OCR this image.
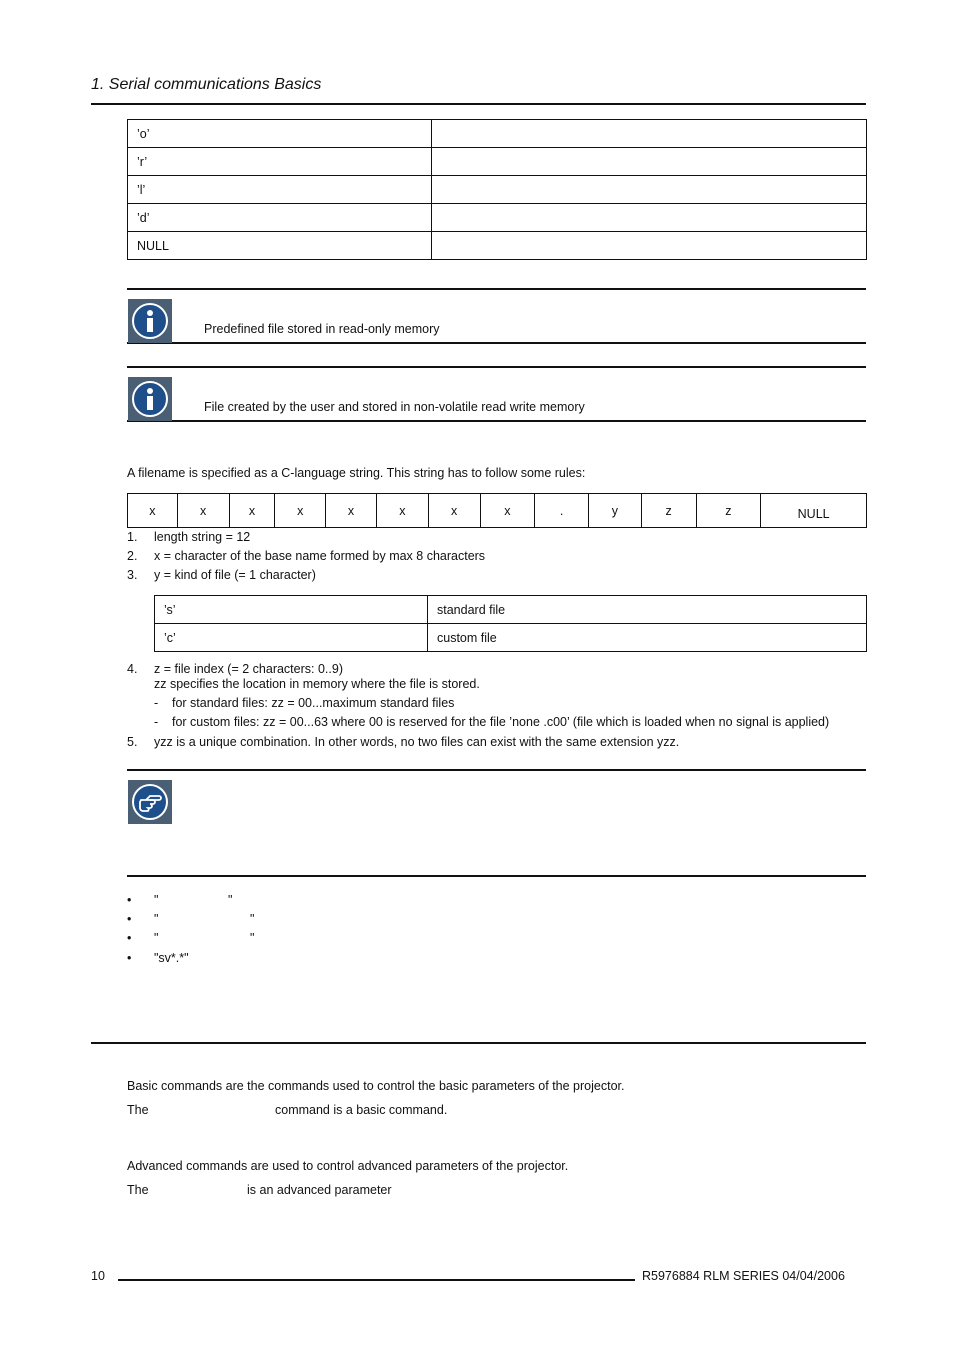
1. Serial communications Basics
’o’	
’r’	
’l’	
’d’	
NULL	
Predefined file stored in read-only memory
File created by the user and stored in non-volatile read write memory
A filename is specified as a C-language string. This string has to follow some rules:
x	x	x	x	x	x	x	x	.	y	z	z	NULL
1. length string = 12
2. x = character of the base name formed by max 8 characters
3. y = kind of file (= 1 character)
’s’	standard file
’c’	custom file
4. z = file index (= 2 characters: 0..9)
zz specifies the location in memory where the file is stored.
- for standard files: zz = 00...maximum standard files
- for custom files: zz = 00...63 where 00 is reserved for the file ’none .c00’ (file which is loaded when no signal is applied)
5. yzz is a unique combination. In other words, no two files can exist with the same extension yzz.
• "	"
• "	"
• "	"
• "sv*.*"
Basic commands are the commands used to control the basic parameters of the projector.
The	command is a basic command.
Advanced commands are used to control advanced parameters of the projector.
The	is an advanced parameter
10	R5976884 RLM SERIES 04/04/2006
